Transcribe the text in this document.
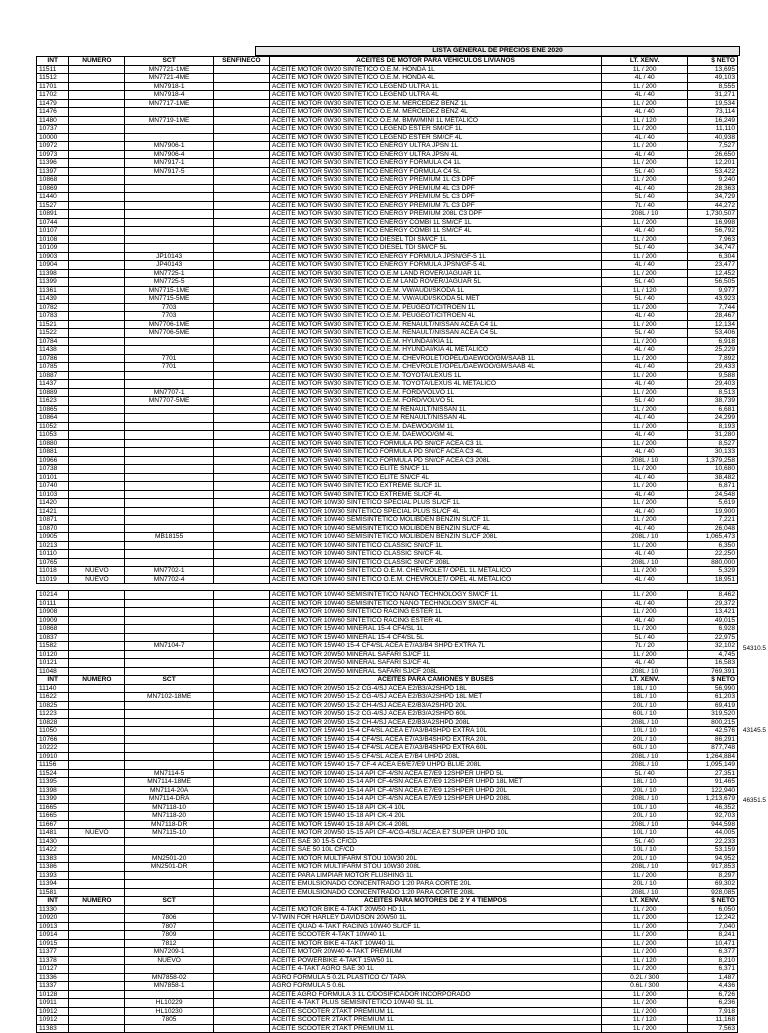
LISTA GENERAL DE PRECIOS ENE 2020
INT	NUMERO	SCT	SENFINECO	ACEITES DE MOTOR PARA VEHICULOS LIVIANOS	LT. XENV.	$ NETO
11511		MN7721-1ME		ACEITE MOTOR 0W20 SINTETICO O.E.M. HONDA 1L	1L / 200	13,695
11512		MN7721-4ME		ACEITE MOTOR 0W20 SINTETICO O.E.M. HONDA 4L	4L / 40	49,103
11701		MN7918-1		ACEITE MOTOR 0W20 SINTETICO LEGEND ULTRA 1L	1L / 200	8,555
11702		MN7918-4		ACEITE MOTOR 0W20 SINTETICO LEGEND ULTRA 4L	4L / 40	31,271
11479		MN7717-1ME		ACEITE MOTOR 0W30 SINTETICO O.E.M. MERCEDEZ BENZ 1L	1L / 200	19,534
11476				ACEITE MOTOR 0W30 SINTETICO O.E.M. MERCEDEZ BENZ 4L	4L / 40	73,114
11480		MN7719-1ME		ACEITE MOTOR 0W30 SINTETICO O.E.M. BMW/MINI 1L METALICO	1L / 120	16,249
10737				ACEITE MOTOR 0W30 SINTETICO LEGEND ESTER SM/CF 1L	1L / 200	11,110
10000				ACEITE MOTOR 0W30 SINTETICO LEGEND ESTER SM/CF 4L	4L / 40	40,938
10972		MN7906-1		ACEITE MOTOR 0W30 SINTETICO ENERGY ULTRA JPSN 1L	1L / 200	7,527
10973		MN7906-4		ACEITE MOTOR 0W30 SINTETICO ENERGY ULTRA JPSN 4L	4L / 40	26,650
11396		MN7917-1		ACEITE MOTOR 5W30 SINTETICO ENERGY FORMULA C4 1L	1L / 200	12,201
11397		MN7917-5		ACEITE MOTOR 5W30 SINTETICO ENERGY FORMULA C4 5L	5L / 40	53,422
10868				ACEITE MOTOR 5W30 SINTETICO ENERGY PREMIUM 1L C3 DPF	1L / 200	9,240
10869				ACEITE MOTOR 5W30 SINTETICO ENERGY PREMIUM 4L C3 DPF	4L / 40	28,363
11440				ACEITE MOTOR 5W30 SINTETICO ENERGY PREMIUM 5L C3 DPF	5L / 40	34,729
11527				ACEITE MOTOR 5W30 SINTETICO ENERGY PREMIUM 7L C3 DPF	7L / 40	44,272
10891				ACEITE MOTOR 5W30 SINTETICO ENERGY PREMIUM 208L C3 DPF	208L / 10	1,730,507
10744				ACEITE MOTOR 5W30 SINTETICO ENERGY COMBI 1L SM/CF 1L	1L / 200	16,998
10107				ACEITE MOTOR 5W30 SINTETICO ENERGY COMBI 1L SM/CF 4L	4L / 40	56,792
10108				ACEITE MOTOR 5W30 SINTETICO DIESEL TDI SM/CF 1L	1L / 200	7,963
10109				ACEITE MOTOR 5W30 SINTETICO DIESEL TDI SM/CF 5L	5L / 40	34,747
10903		JP10143		ACEITE MOTOR 5W30 SINTETICO ENERGY FORMULA JPSN/GF-5 1L	1L / 200	6,304
10904		JP40143		ACEITE MOTOR 5W30 SINTETICO ENERGY FORMULA JPSN/GF-5 4L	4L / 40	23,477
11398		MN7725-1		ACEITE MOTOR 5W30 SINTETICO O.E.M LAND ROVER/JAGUAR 1L	1L / 200	12,452
11399		MN7725-5		ACEITE MOTOR 5W30 SINTETICO O.E.M LAND ROVER/JAGUAR 5L	5L / 40	56,505
11361		MN7715-1ME		ACEITE MOTOR 5W30 SINTETICO O.E.M. VW/AUDI/SKODA 1L	1L / 120	9,977
11439		MN7715-5ME		ACEITE MOTOR 5W30 SINTETICO O.E.M. VW/AUDI/SKODA 5L MET	5L / 40	43,923
10782		7703		ACEITE MOTOR 5W30 SINTETICO O.E.M. PEUGEOT/CITROEN 1L	1L / 200	7,744
10783		7703		ACEITE MOTOR 5W30 SINTETICO O.E.M. PEUGEOT/CITROEN 4L	4L / 40	28,467
11521		MN7706-1ME		ACEITE MOTOR 5W30 SINTETICO O.E.M. RENAULT/NISSAN ACEA C4 1L	1L / 200	12,134
11522		MN7706-5ME		ACEITE MOTOR 5W30 SINTETICO O.E.M. RENAULT/NISSAN ACEA C4 5L	5L / 40	53,406
10784				ACEITE MOTOR 5W30 SINTETICO O.E.M. HYUNDAI/KIA 1L	1L / 200	6,918
11438				ACEITE MOTOR 5W30 SINTETICO O.E.M. HYUNDAI/KIA 4L METALICO	4L / 40	25,229
10786		7701		ACEITE MOTOR 5W30 SINTETICO O.E.M. CHEVROLET/OPEL/DAEWOO/GM/SAAB 1L	1L / 200	7,892
10785		7701		ACEITE MOTOR 5W30 SINTETICO O.E.M. CHEVROLET/OPEL/DAEWOO/GM/SAAB 4L	4L / 40	29,433
10887				ACEITE MOTOR 5W30 SINTETICO O.E.M. TOYOTA/LEXUS 1L	1L / 200	9,588
11437				ACEITE MOTOR 5W30 SINTETICO O.E.M. TOYOTA/LEXUS 4L METALICO	4L / 40	29,403
10889		MN7707-1		ACEITE MOTOR 5W30 SINTETICO O.E.M. FORD/VOLVO 1L	1L / 200	8,513
11623		MN7707-5ME		ACEITE MOTOR 5W30 SINTETICO O.E.M. FORD/VOLVO 5L	5L / 40	38,739
10865				ACEITE MOTOR 5W40 SINTETICO O.E.M RENAULT/NISSAN 1L	1L / 200	6,681
10864				ACEITE MOTOR 5W40 SINTETICO O.E.M RENAULT/NISSAN 4L	4L / 40	24,299
11052				ACEITE MOTOR 5W40 SINTETICO O.E.M. DAEWOO/GM 1L	1L / 200	8,193
11053				ACEITE MOTOR 5W40 SINTETICO O.E.M. DAEWOO/GM 4L	4L / 40	31,280
10880				ACEITE MOTOR 5W40 SINTETICO FORMULA PD SN/CF ACEA C3 1L	1L / 200	8,527
10881				ACEITE MOTOR 5W40 SINTETICO FORMULA PD SN/CF ACEA C3 4L	4L / 40	30,133
10966				ACEITE MOTOR 5W40 SINTETICO FORMULA PD SN/CF ACEA C3 208L	208L / 10	1,379,258
10738				ACEITE MOTOR 5W40 SINTETICO ELITE SN/CF 1L	1L / 200	10,680
10101				ACEITE MOTOR 5W40 SINTETICO ELITE SN/CF 4L	4L / 40	38,482
10740				ACEITE MOTOR 5W40 SINTETICO EXTREME SL/CF 1L	1L / 200	6,871
10103				ACEITE MOTOR 5W40 SINTETICO EXTREME SL/CF 4L	4L / 40	24,548
11420				ACEITE MOTOR 10W30 SINTETICO SPECIAL PLUS SL/CF 1L	1L / 200	5,619
11421				ACEITE MOTOR 10W30 SINTETICO SPECIAL PLUS SL/CF 4L	4L / 40	19,900
10871				ACEITE MOTOR 10W40 SEMISINTETICO MOLIBDEN BENZIN SL/CF 1L	1L / 200	7,221
10870				ACEITE MOTOR 10W40 SEMISINTETICO MOLIBDEN BENZIN SL/CF 4L	4L / 40	26,048
10905		MB18155		ACEITE MOTOR 10W40 SEMISINTETICO MOLIBDEN BENZIN SL/CF 208L	208L / 10	1,065,473
10213				ACEITE MOTOR 10W40 SINTETICO CLASSIC SN/CF 1L	1L / 200	6,350
10110				ACEITE MOTOR 10W40 SINTETICO CLASSIC SN/CF 4L	4L / 40	22,250
10765				ACEITE MOTOR 10W40 SINTETICO CLASSIC SN/CF 208L	208L / 10	880,000
11018	NUEVO	MN7702-1		ACEITE MOTOR 10W40 SINTETICO O.E.M. CHEVROLET/ OPEL 1L METALICO	1L / 200	5,329
11019	NUEVO	MN7702-4		ACEITE MOTOR 10W40 SINTETICO O.E.M. CHEVROLET/ OPEL 4L METALICO	4L / 40	18,951
10214				ACEITE MOTOR 10W40 SEMISINTETICO NANO TECHNOLOGY SM/CF 1L	1L / 200	8,462
10111				ACEITE MOTOR 10W40 SEMISINTETICO NANO TECHNOLOGY SM/CF 4L	4L / 40	29,372
10908				ACEITE MOTOR 10W60 SINTETICO RACING ESTER 1L	1L / 200	13,421
10909				ACEITE MOTOR 10W60 SINTETICO RACING ESTER 4L	4L / 40	49,015
10868				ACEITE MOTOR 15W40 MINERAL 15-4 CF4/SL 1L	1L / 200	6,928
10837				ACEITE MOTOR 15W40 MINERAL 15-4 CF4/SL 5L	5L / 40	22,975
11582		MN7104-7		ACEITE MOTOR 15W40 15-4 CF4/SL ACEA E7/A3/B4 SHPD EXTRA 7L	7L / 20	32,102
10120				ACEITE MOTOR 20W50 MINERAL SAFARI SJ/CF 1L	1L / 200	4,745
10121				ACEITE MOTOR 20W50 MINERAL SAFARI SJ/CF 4L	4L / 40	16,583
11048				ACEITE MOTOR 20W50 MINERAL SAFARI SJ/CF 208L	208L / 10	769,391
INT	NUMERO	SCT		ACEITES PARA CAMIONES Y BUSES	LT. XENV.	$ NETO
11140				ACEITE MOTOR 20W50 15-2 CG-4/SJ ACEA E2/B3/A2SHPD 18L	18L / 10	56,990
11622		MN7102-18ME		ACEITE MOTOR 20W50 15-2 CG-4/SJ ACEA E2/B3/A2SHPD 18L MET	18L / 10	61,203
10825				ACEITE MOTOR 20W50 15-2 CH-4/SJ ACEA E2/B3/A2SHPD 20L	20L / 10	69,419
11223				ACEITE MOTOR 20W50 15-2 CG-4/SJ ACEA E2/B3/A2SHPD 60L	60L / 10	319,520
10828				ACEITE MOTOR 20W50 15-2 CH-4/SJ ACEA E2/B3/A2SHPD 208L	208L / 10	800,215
11050				ACEITE MOTOR 15W40 15-4 CF4/SL ACEA E7/A3/B4SHPD EXTRA 10L	10L / 10	42,576
10766				ACEITE MOTOR 15W40 15-4 CF4/SL ACEA E7/A3/B4SHPD EXTRA 20L	20L / 10	86,291
10222				ACEITE MOTOR 15W40 15-4 CF4/SL ACEA E7/A3/B4SHPD EXTRA 60L	60L / 10	877,748
10910				ACEITE MOTOR 15W40 15-5 CF4/SL ACEA E7/B4 UHPD 208L	208L / 10	1,264,884
11156				ACEITE MOTOR 15W40 15-7 CF-4 ACEA E6/E7/E9 UHPD BLUE 208L	208L / 10	1,095,149
11524		MN7114-5		ACEITE MOTOR 10W40 15-14 API CF-4/SN ACEA E7/E9 12SHPER UHPD 5L	5L / 40	27,351
11395		MN7114-18ME		ACEITE MOTOR 10W40 15-14 API CF-4/SN ACEA E7/E9 12SHPER UHPD 18L MET	18L / 10	91,465
11398		MN7114-20A		ACEITE MOTOR 10W40 15-14 API CF-4/SN ACEA E7/E9 12SHPER UHPD 20L	20L / 10	122,940
11399		MN7114-DRA		ACEITE MOTOR 10W40 15-14 API CF-4/SN ACEA E7/E9 12SHPER UHPD 208L	208L / 10	1,213,679
11665		MN7118-10		ACEITE MOTOR 15W40 15-18 API CK-4 10L	10L / 10	46,352
11665		MN7118-20		ACEITE MOTOR 15W40 15-18 API CK-4 20L	20L / 10	92,703
11667		MN7118-DR		ACEITE MOTOR 15W40 15-18 API CK-4 208L	208L / 10	944,598
11481	NUEVO	MN7115-10		ACEITE MOTOR 20W50 15-15 API CF-4/CG-4/SL/ ACEA E7 SUPER UHPD 10L	10L / 10	44,005
11430				ACEITE SAE 30 15-5 CF/CD	5L / 40	22,233
11422				ACEITE SAE 50 10L CF/CD	10L / 10	53,159
11383		MN2501-20		ACEITE MOTOR MULTIFARM STOU 10W30 20L	20L / 10	94,952
11386		MN2501-DR		ACEITE MOTOR MULTIFARM STOU 10W30 208L	208L / 10	917,853
11393				ACEITE PARA LIMPIAR MOTOR FLUSHING 1L	1L / 200	8,297
11394				ACEITE EMULSIONADO CONCENTRADO 1:20 PARA CORTE 20L	20L / 10	69,302
11581				ACEITE EMULSIONADO CONCENTRADO 1:20 PARA CORTE 208L	208L / 10	928,085
INT	NUMERO	SCT		ACEITES PARA MOTORES DE 2 Y 4 TIEMPOS	LT. XENV.	$ NETO
11330				ACEITE MOTOR BIKE 4-TAKT 20W50 HD 1L	1L / 200	6,050
10920		7806		V-TWIN FOR HARLEY DAVIDSON 20W50 1L	1L / 200	12,242
10913		7807		ACEITE QUAD 4-TAKT RACING 10W40 SL/CF 1L	1L / 200	7,040
10914		7809		ACEITE SCOOTER 4-TAKT 10W40 1L	1L / 200	8,241
10915		7812		ACEITE MOTOR BIKE 4-TAKT 10W40 1L	1L / 200	10,471
11377		MN7209-1		ACEITE MOTOR 20W40 4-TAKT PREMIUM	1L / 200	6,377
11378		NUEVO		ACEITE POWERBIKE 4-TAKT 15W50 1L	1L / 120	8,210
10127				ACEITE 4-TAKT AGRO SAE 30 1L	1L / 200	6,371
11336		MN7858-02		AGRO FORMULA 5 0.2L PLASTICO C/ TAPA	0.2L / 300	1,487
11337		MN7858-1		AGRO FORMULA 5 0.6L	0.6L / 300	4,436
10128				ACEITE AGRO FORMULA 3 1L C/DOSIFICADOR INCORPORADO	1L / 200	6,726
10911		HL10229		ACEITE 4-TAKT PLUS SEMISINTETICO 10W40 SL 1L	1L / 200	6,236
10912		HL10230		ACEITE SCOOTER 2TAKT PREMIUM 1L	1L / 200	7,918
10912		7805		ACEITE SCOOTER 2TAKT PREMIUM 1L	1L / 120	11,168
11383				ACEITE SCOOTER 2TAKT PREMIUM 1L	1L / 200	7,563
54310.5
43145.5
46351.5
